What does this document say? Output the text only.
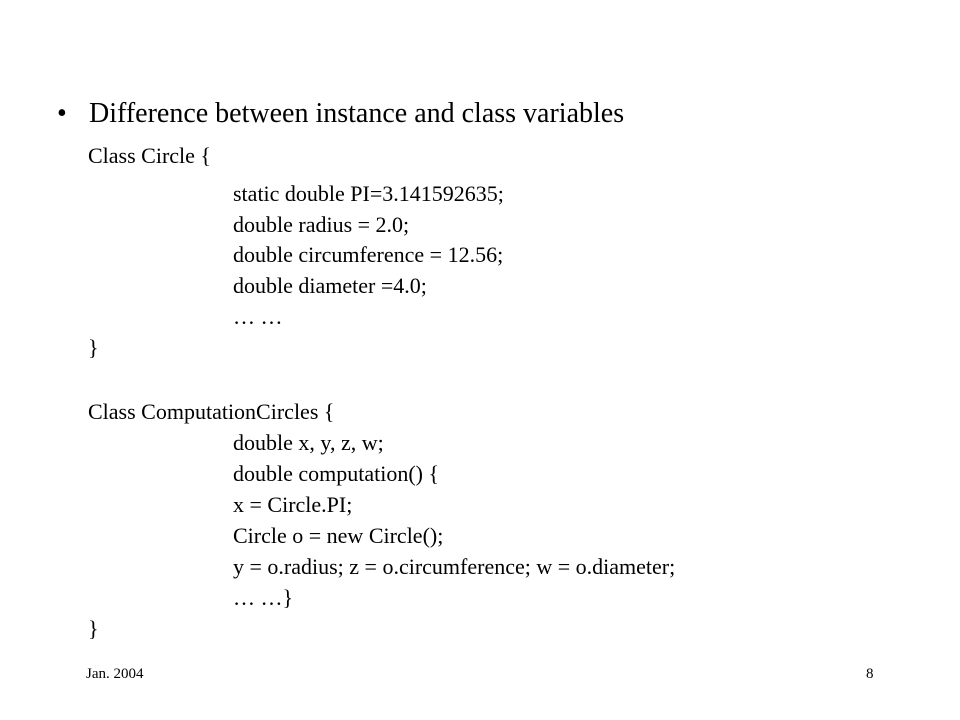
• Difference between instance and class variables
Class Circle {
static double PI=3.141592635;
double radius = 2.0;
double circumference = 12.56;
double diameter =4.0;
… …
}
Class ComputationCircles {
double x, y, z, w;
double computation() {
x = Circle.PI;
Circle o = new Circle();
y = o.radius; z = o.circumference; w = o.diameter;
… …}
}
Jan. 2004	8
